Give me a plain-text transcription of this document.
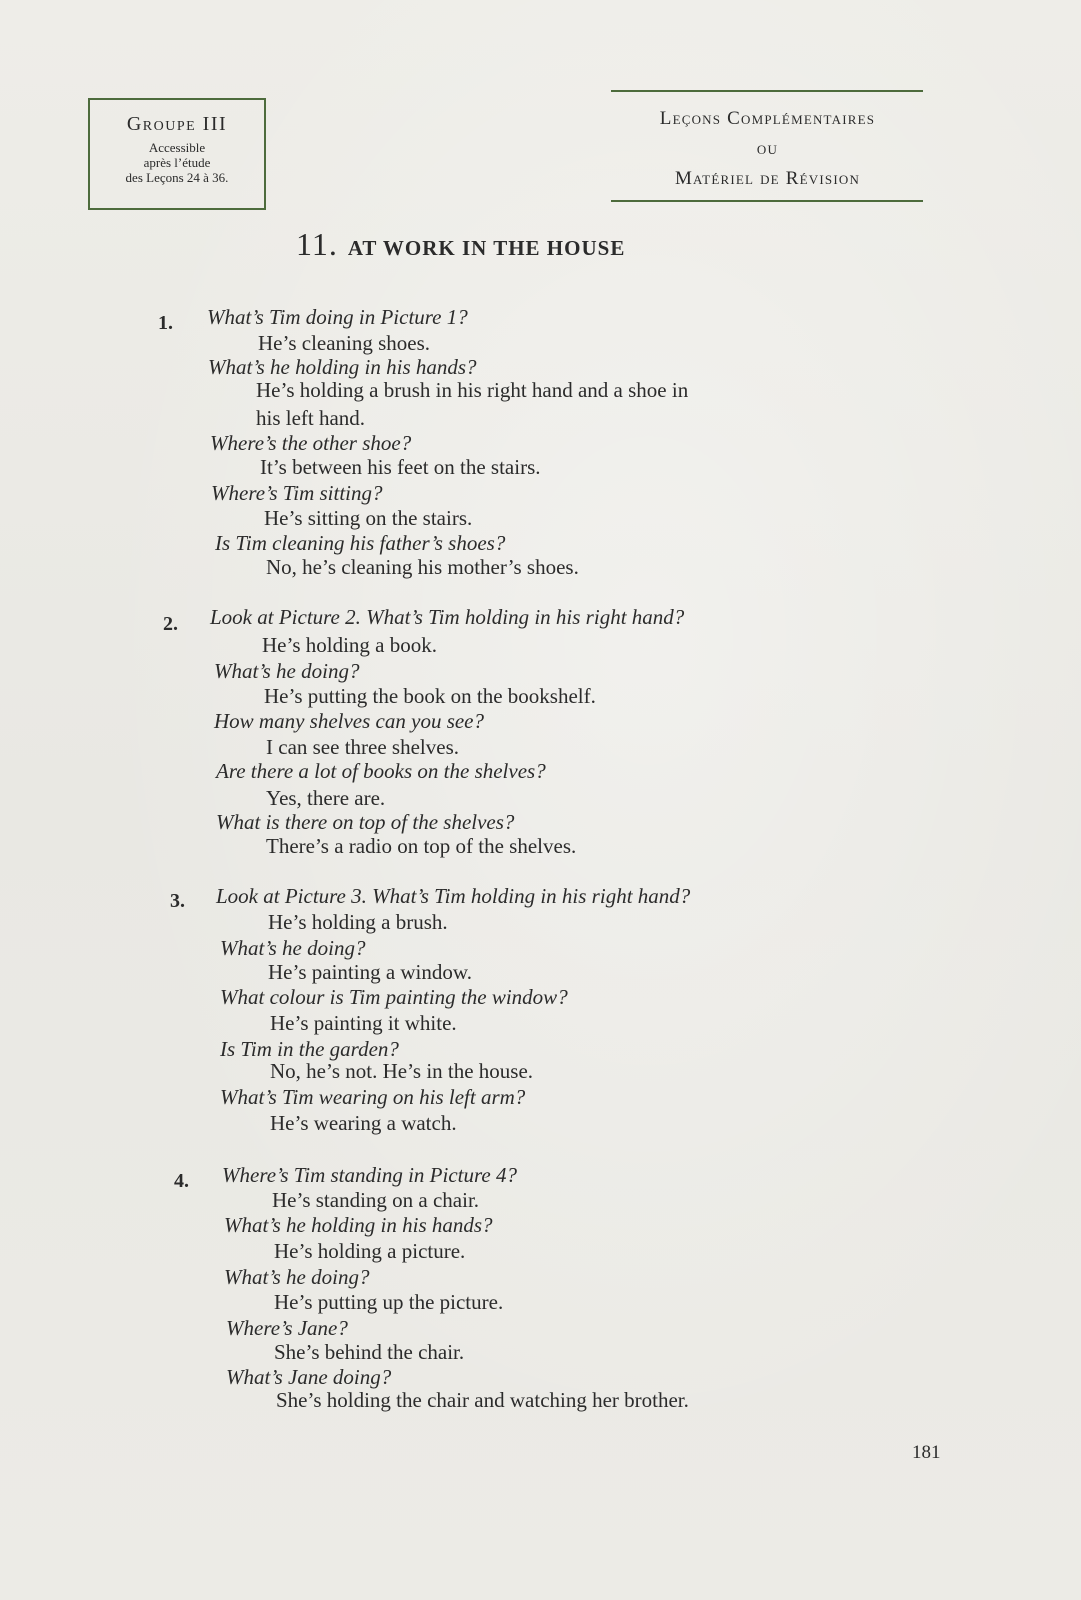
Groupe III
Accessible
après l’étude
des Leçons 24 à 36.
Leçons Complémentaires
ou
Matériel de Révision
11. AT WORK IN THE HOUSE
1. What’s Tim doing in Picture 1?
He’s cleaning shoes.
What’s he holding in his hands?
He’s holding a brush in his right hand and a shoe in
his left hand.
Where’s the other shoe?
It’s between his feet on the stairs.
Where’s Tim sitting?
He’s sitting on the stairs.
Is Tim cleaning his father’s shoes?
No, he’s cleaning his mother’s shoes.
2. Look at Picture 2. What’s Tim holding in his right hand?
He’s holding a book.
What’s he doing?
He’s putting the book on the bookshelf.
How many shelves can you see?
I can see three shelves.
Are there a lot of books on the shelves?
Yes, there are.
What is there on top of the shelves?
There’s a radio on top of the shelves.
3. Look at Picture 3. What’s Tim holding in his right hand?
He’s holding a brush.
What’s he doing?
He’s painting a window.
What colour is Tim painting the window?
He’s painting it white.
Is Tim in the garden?
No, he’s not. He’s in the house.
What’s Tim wearing on his left arm?
He’s wearing a watch.
4. Where’s Tim standing in Picture 4?
He’s standing on a chair.
What’s he holding in his hands?
He’s holding a picture.
What’s he doing?
He’s putting up the picture.
Where’s Jane?
She’s behind the chair.
What’s Jane doing?
She’s holding the chair and watching her brother.
181
